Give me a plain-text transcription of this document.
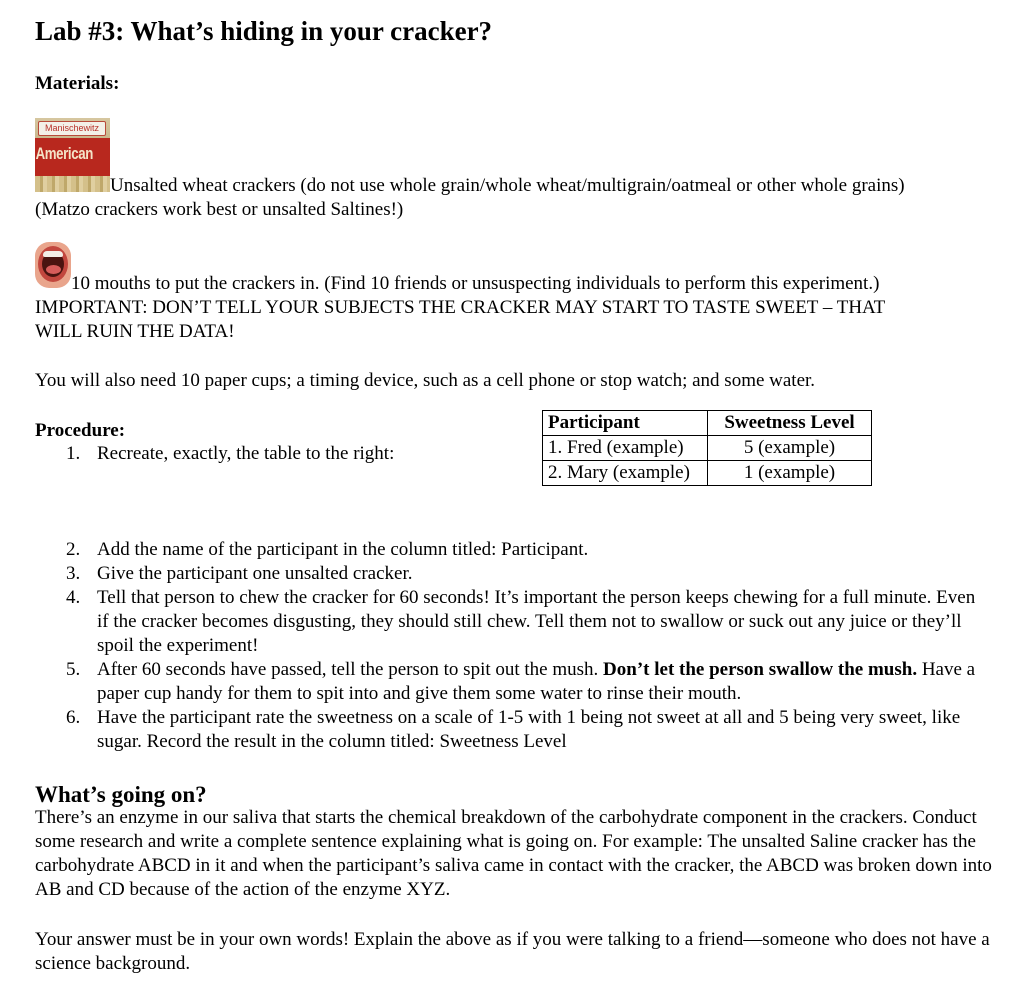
Lab #3: What’s hiding in your cracker?
Materials:
Manischewitz
American
Unsalted wheat crackers (do not use whole grain/whole wheat/multigrain/oatmeal or other whole grains)
(Matzo crackers work best or unsalted Saltines!)
10 mouths to put the crackers in. (Find 10 friends or unsuspecting individuals to perform this experiment.)
IMPORTANT: DON’T TELL YOUR SUBJECTS THE CRACKER MAY START TO TASTE SWEET – THAT
WILL RUIN THE DATA!
You will also need 10 paper cups; a timing device, such as a cell phone or stop watch; and some water.
Procedure:
1. Recreate, exactly, the table to the right:
Participant	Sweetness Level
1. Fred (example)	5 (example)
2. Mary (example)	1 (example)
2. Add the name of the participant in the column titled: Participant.
3. Give the participant one unsalted cracker.
4. Tell that person to chew the cracker for 60 seconds! It’s important the person keeps chewing for a full minute. Even if the cracker becomes disgusting, they should still chew. Tell them not to swallow or suck out any juice or they’ll spoil the experiment!
5. After 60 seconds have passed, tell the person to spit out the mush. Don’t let the person swallow the mush. Have a paper cup handy for them to spit into and give them some water to rinse their mouth.
6. Have the participant rate the sweetness on a scale of 1-5 with 1 being not sweet at all and 5 being very sweet, like sugar. Record the result in the column titled: Sweetness Level
What’s going on?

There’s an enzyme in our saliva that starts the chemical breakdown of the carbohydrate component in the crackers. Conduct some research and write a complete sentence explaining what is going on. For example: The unsalted Saline cracker has the carbohydrate ABCD in it and when the participant’s saliva came in contact with the cracker, the ABCD was broken down into AB and CD because of the action of the enzyme XYZ.

Your answer must be in your own words! Explain the above as if you were talking to a friend—someone who does not have a science background.
